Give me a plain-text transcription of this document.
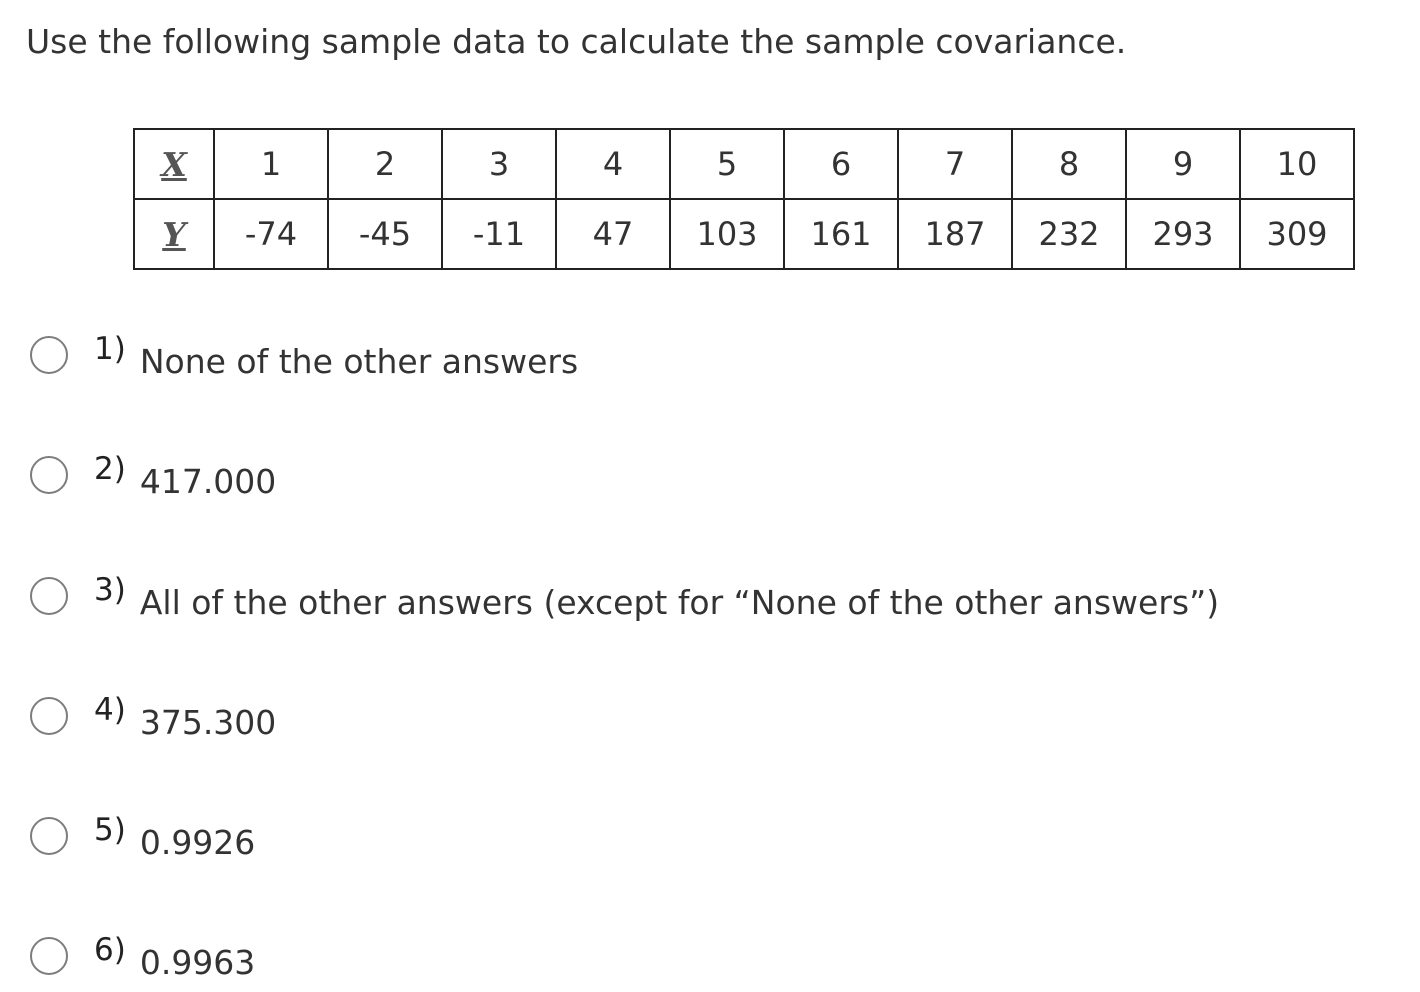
Use the following sample data to calculate the sample covariance.
X	1	2	3	4	5	6	7	8	9	10
Y	-74	-45	-11	47	103	161	187	232	293	309
1) None of the other answers
2) 417.000
3) All of the other answers (except for “None of the other answers”)
4) 375.300
5) 0.9926
6) 0.9963
